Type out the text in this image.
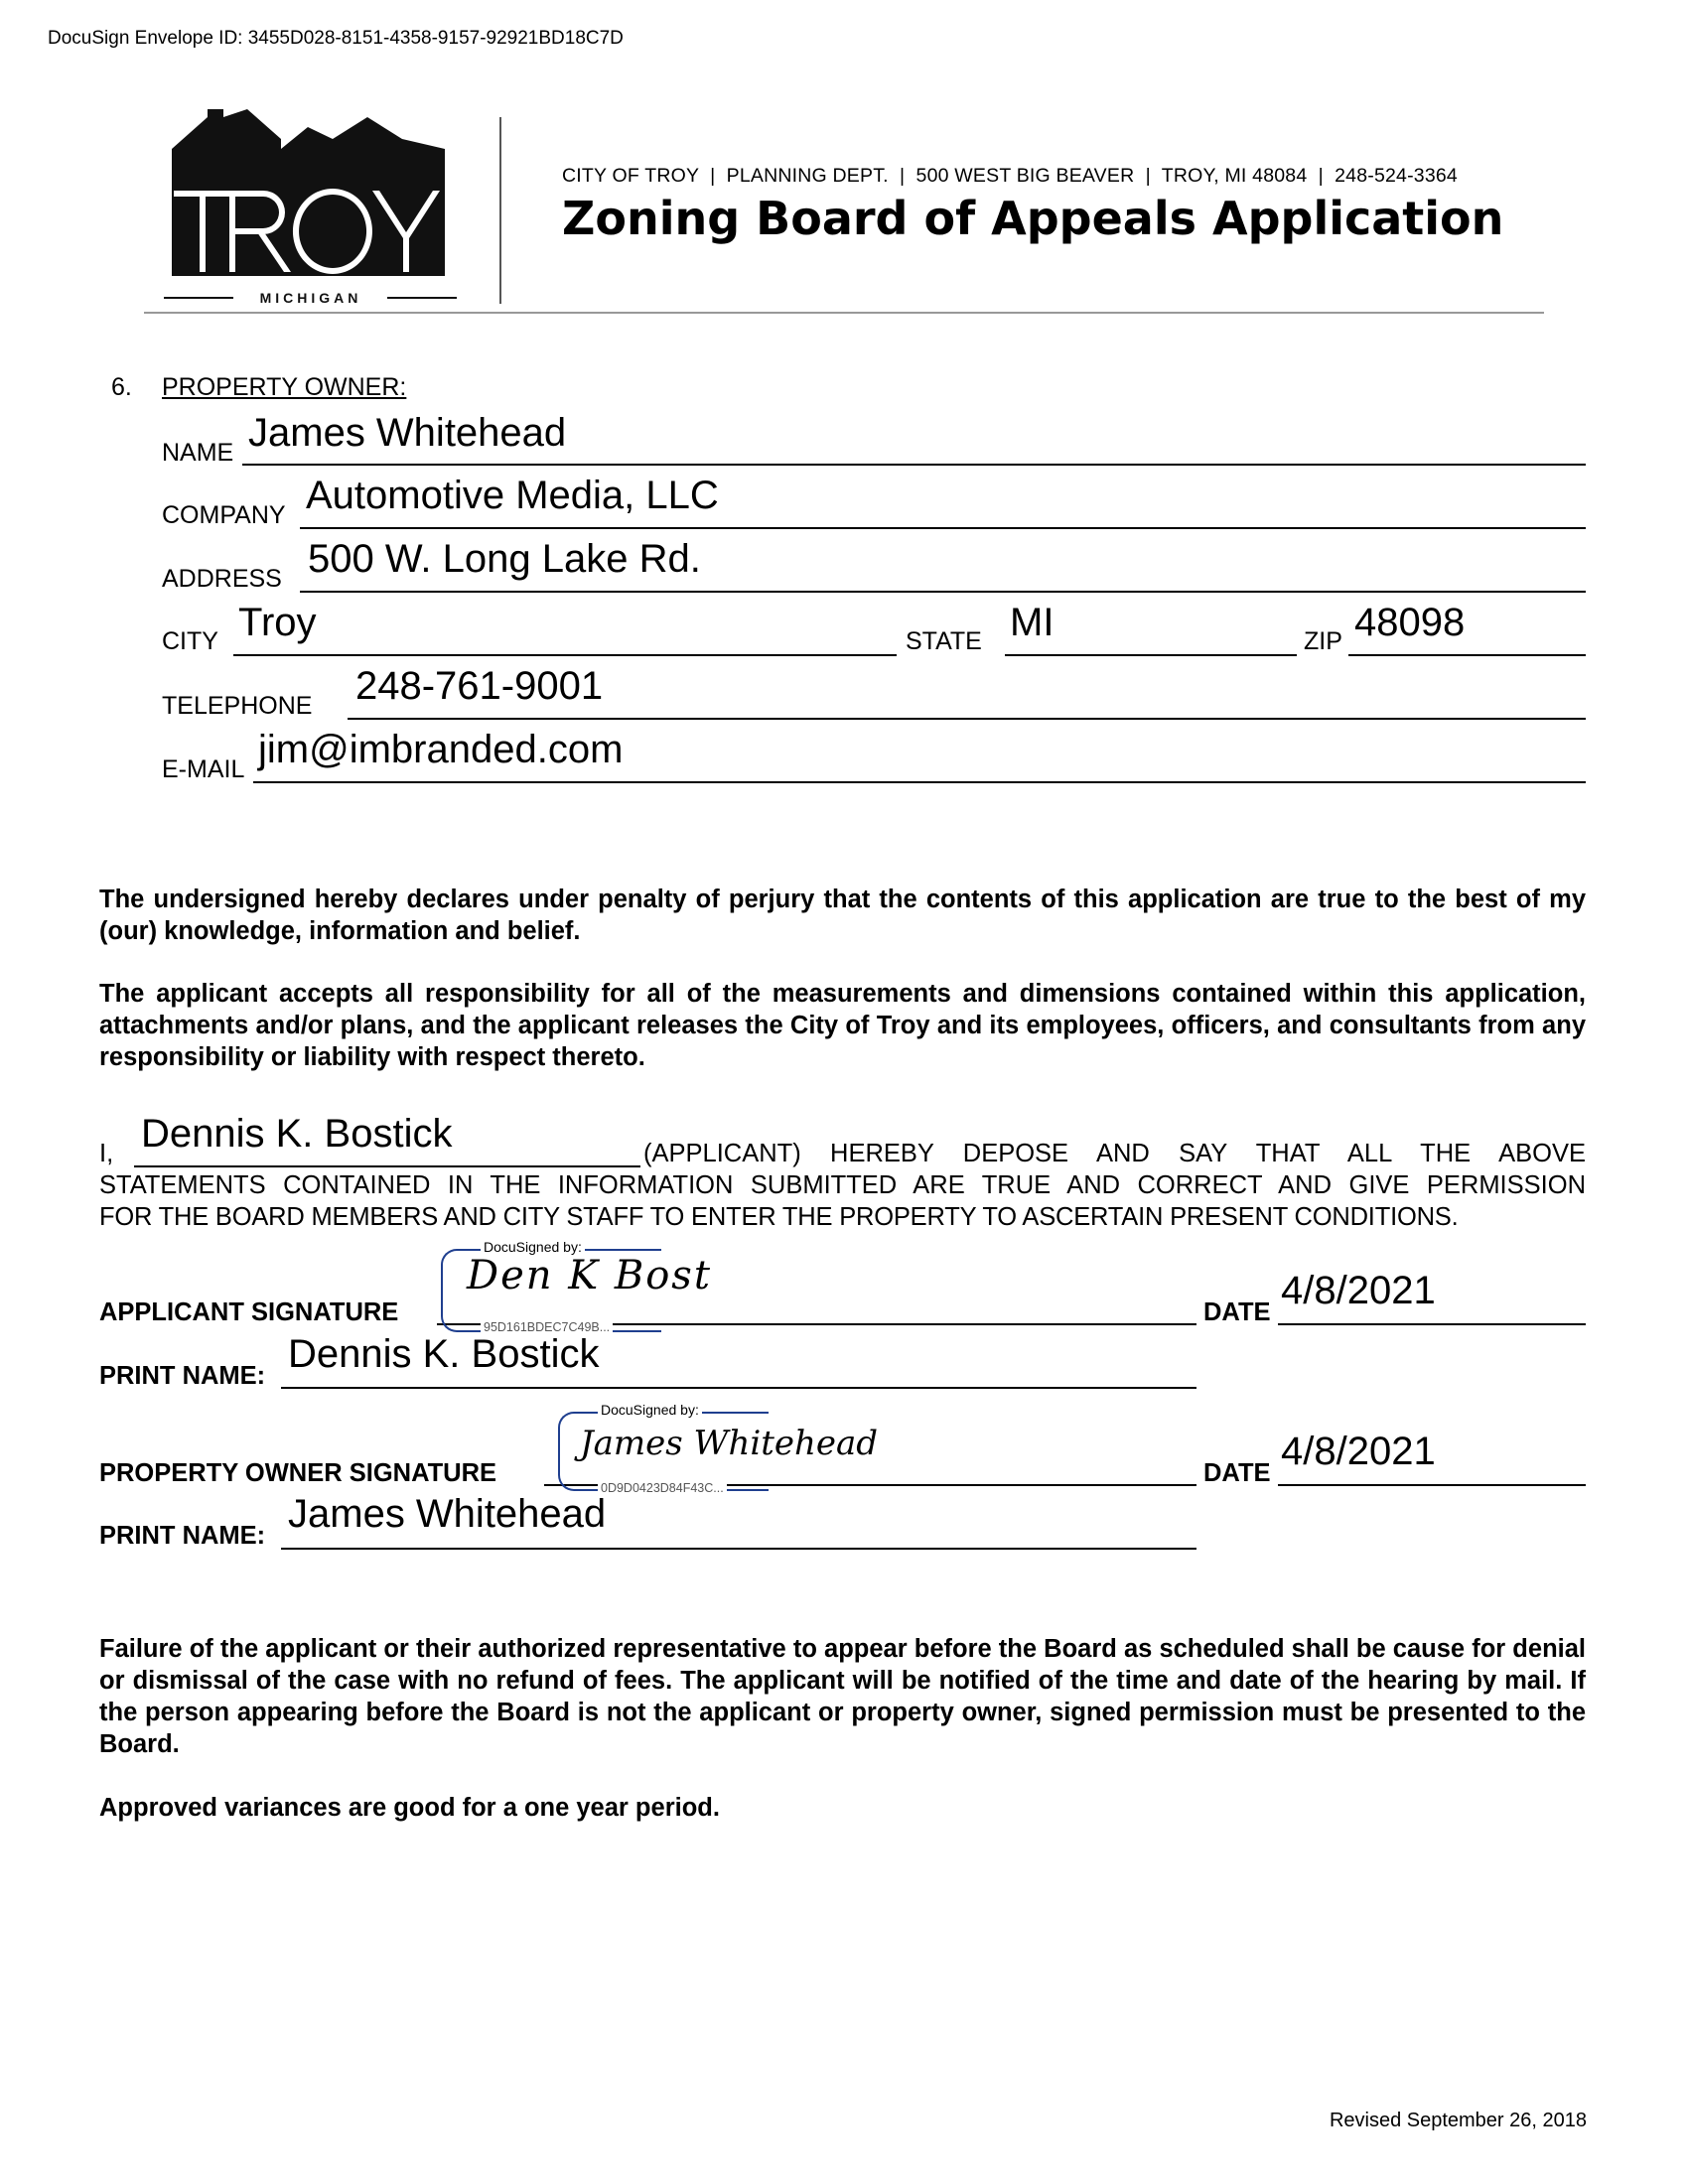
DocuSign Envelope ID: 3455D028-8151-4358-9157-92921BD18C7D
MICHIGAN
CITY OF TROY | PLANNING DEPT. | 500 WEST BIG BEAVER | TROY, MI 48084 | 248-524-3364
Zoning Board of Appeals Application
6. PROPERTY OWNER:
NAME James Whitehead
COMPANY Automotive Media, LLC
ADDRESS 500 W. Long Lake Rd.
CITY Troy	STATE MI	ZIP 48098
TELEPHONE 248-761-9001
E-MAIL jim@imbranded.com
The undersigned hereby declares under penalty of perjury that the contents of this application are true to the best of my (our) knowledge, information and belief.
The applicant accepts all responsibility for all of the measurements and dimensions contained within this application, attachments and/or plans, and the applicant releases the City of Troy and its employees, officers, and consultants from any responsibility or liability with respect thereto.
I, Dennis K. Bostick	(APPLICANT) HEREBY DEPOSE AND SAY THAT ALL THE ABOVE
STATEMENTS CONTAINED IN THE INFORMATION SUBMITTED ARE TRUE AND CORRECT AND GIVE PERMISSION
FOR THE BOARD MEMBERS AND CITY STAFF TO ENTER THE PROPERTY TO ASCERTAIN PRESENT CONDITIONS.
APPLICANT SIGNATURE
DocuSigned by:
Den K Bost
95D161BDEC7C49B...
DATE 4/8/2021
PRINT NAME: Dennis K. Bostick
PROPERTY OWNER SIGNATURE
DocuSigned by:
James Whitehead
0D9D0423D84F43C...
DATE 4/8/2021
PRINT NAME: James Whitehead
Failure of the applicant or their authorized representative to appear before the Board as scheduled shall be cause for denial or dismissal of the case with no refund of fees. The applicant will be notified of the time and date of the hearing by mail. If the person appearing before the Board is not the applicant or property owner, signed permission must be presented to the Board.
Approved variances are good for a one year period.
Revised September 26, 2018
